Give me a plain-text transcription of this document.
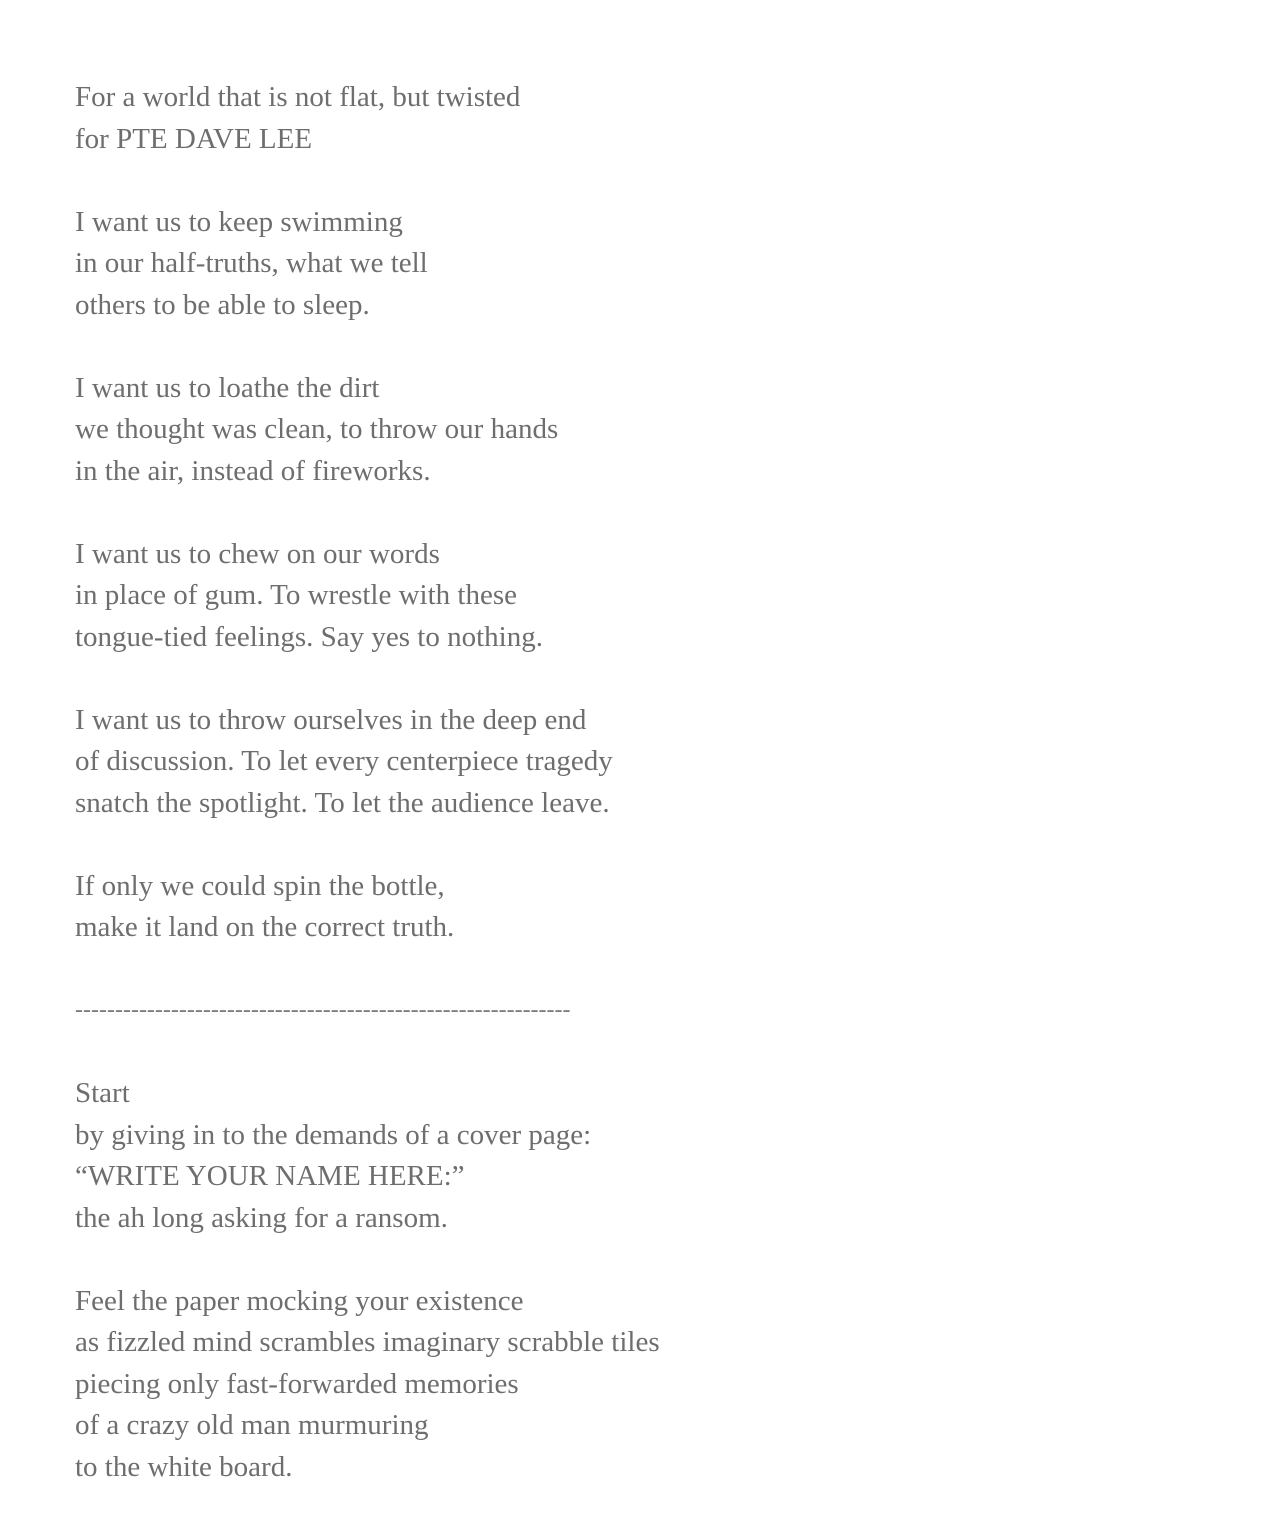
For a world that is not flat, but twisted
for PTE DAVE LEE
I want us to keep swimming
in our half-truths, what we tell
others to be able to sleep.
I want us to loathe the dirt
we thought was clean, to throw our hands
in the air, instead of fireworks.
I want us to chew on our words
in place of gum. To wrestle with these
tongue-tied feelings. Say yes to nothing.
I want us to throw ourselves in the deep end
of discussion. To let every centerpiece tragedy
snatch the spotlight. To let the audience leave.
If only we could spin the bottle,
make it land on the correct truth.
--------------------------------------------------------------
Start
by giving in to the demands of a cover page:
“WRITE YOUR NAME HERE:”
the ah long asking for a ransom.
Feel the paper mocking your existence
as fizzled mind scrambles imaginary scrabble tiles
piecing only fast-forwarded memories
of a crazy old man murmuring
to the white board.
